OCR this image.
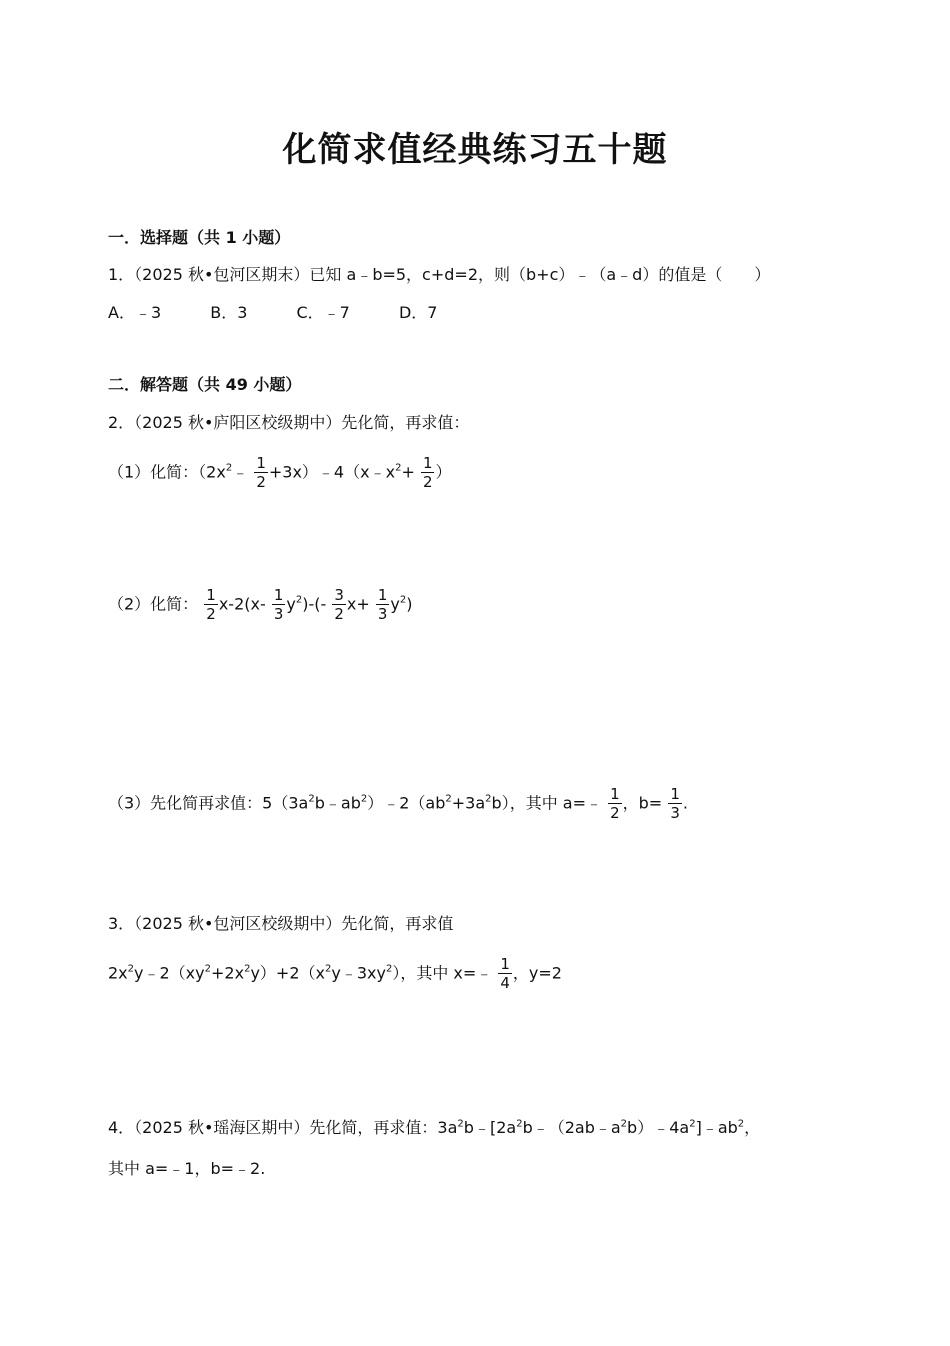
化简求值经典练习五十题
一．选择题（共 1 小题）
1．（2025 秋•包河区期末）已知 a﹣b=5，c+d=2，则（b+c）﹣（a﹣d）的值是（　　）
A．﹣3	B．3	C．﹣7	D．7
二．解答题（共 49 小题）
2．（2025 秋•庐阳区校级期中）先化简，再求值：
（1）化简：（$2x^2﹣ \frac{1}{2}$ $+3x)﹣4(x﹣x^2+ \frac{1}{2}$ ）
（2）化简： $\frac{1}{2} x-2(x- \frac{1}{3} y^2)-(- \frac{3}{2} x+ \frac{1}{3} y^2)$
（3）先化简再求值：$5(3a^2b﹣ab^2)﹣2(ab^2+3a^2b)$，其中 a=﹣ $\frac{1}{2}$ ，$b= \frac{1}{3}$ .
3．（2025 秋•包河区校级期中）先化简，再求值
$2x^2y﹣2(xy^2+2x^2y)+2(x^2y﹣3xy^2)$，其中 x=﹣ $\frac{1}{4}$ ，y=2
4．（2025 秋•瑶海区期中）先化简，再求值：$3a^2b﹣[2a^2b﹣(2ab﹣a^2b)﹣4a^2]﹣ab^2$，
其中 a=﹣1，b=﹣2.
